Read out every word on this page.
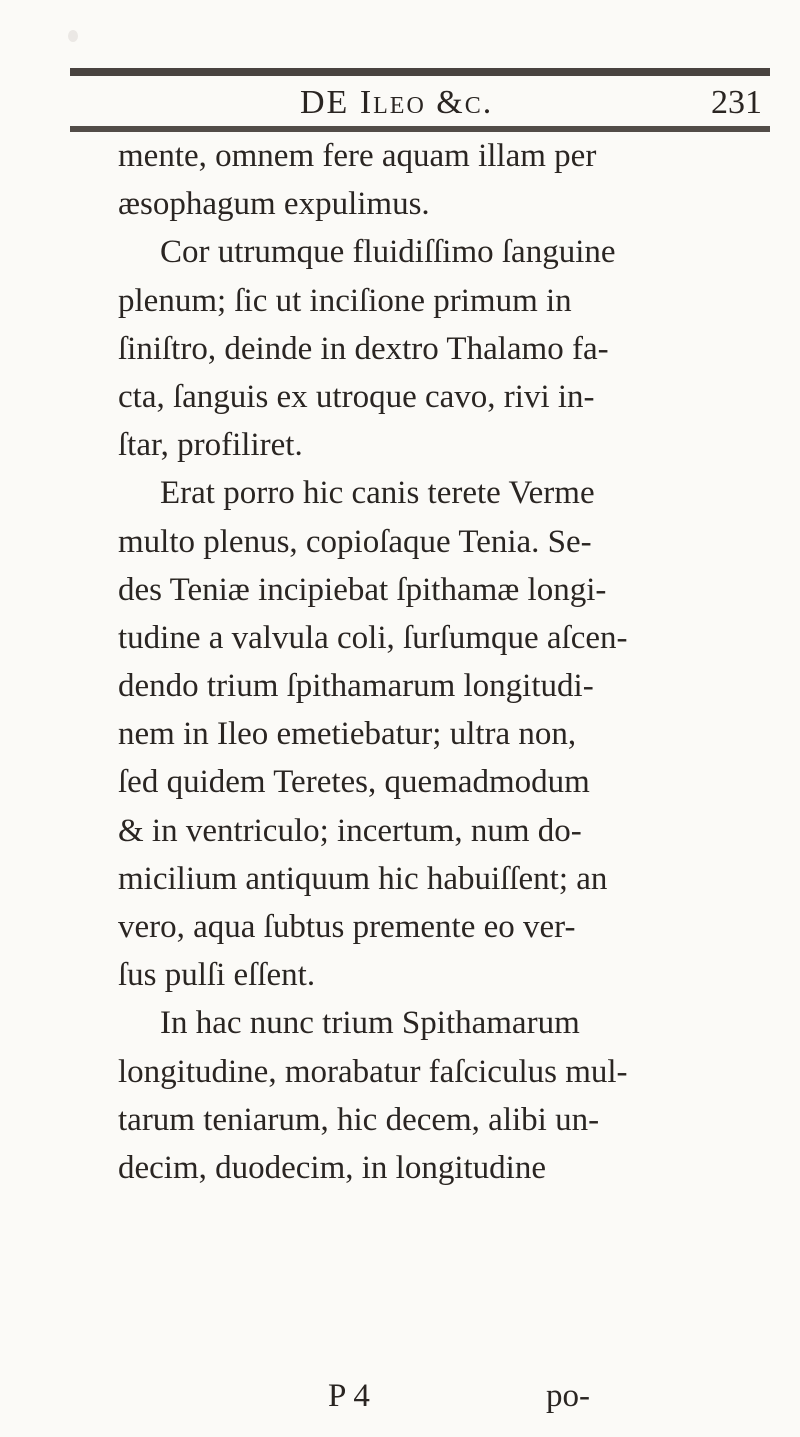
DE Ileo &c.	231
mente, omnem fere aquam illam per
æsophagum expulimus.
Cor utrumque fluidiſſimo ſanguine
plenum; ſic ut inciſione primum in
ſiniſtro, deinde in dextro Thalamo fa-
cta, ſanguis ex utroque cavo, rivi in-
ſtar, profiliret.
Erat porro hic canis terete Verme
multo plenus, copioſaque Tenia. Se-
des Teniæ incipiebat ſpithamæ longi-
tudine a valvula coli, ſurſumque aſcen-
dendo trium ſpithamarum longitudi-
nem in Ileo emetiebatur; ultra non,
ſed quidem Teretes, quemadmodum
& in ventriculo; incertum, num do-
micilium antiquum hic habuiſſent; an
vero, aqua ſubtus premente eo ver-
ſus pulſi eſſent.
In hac nunc trium Spithamarum
longitudine, morabatur faſciculus mul-
tarum teniarum, hic decem, alibi un-
decim, duodecim, in longitudine
P 4	po-
